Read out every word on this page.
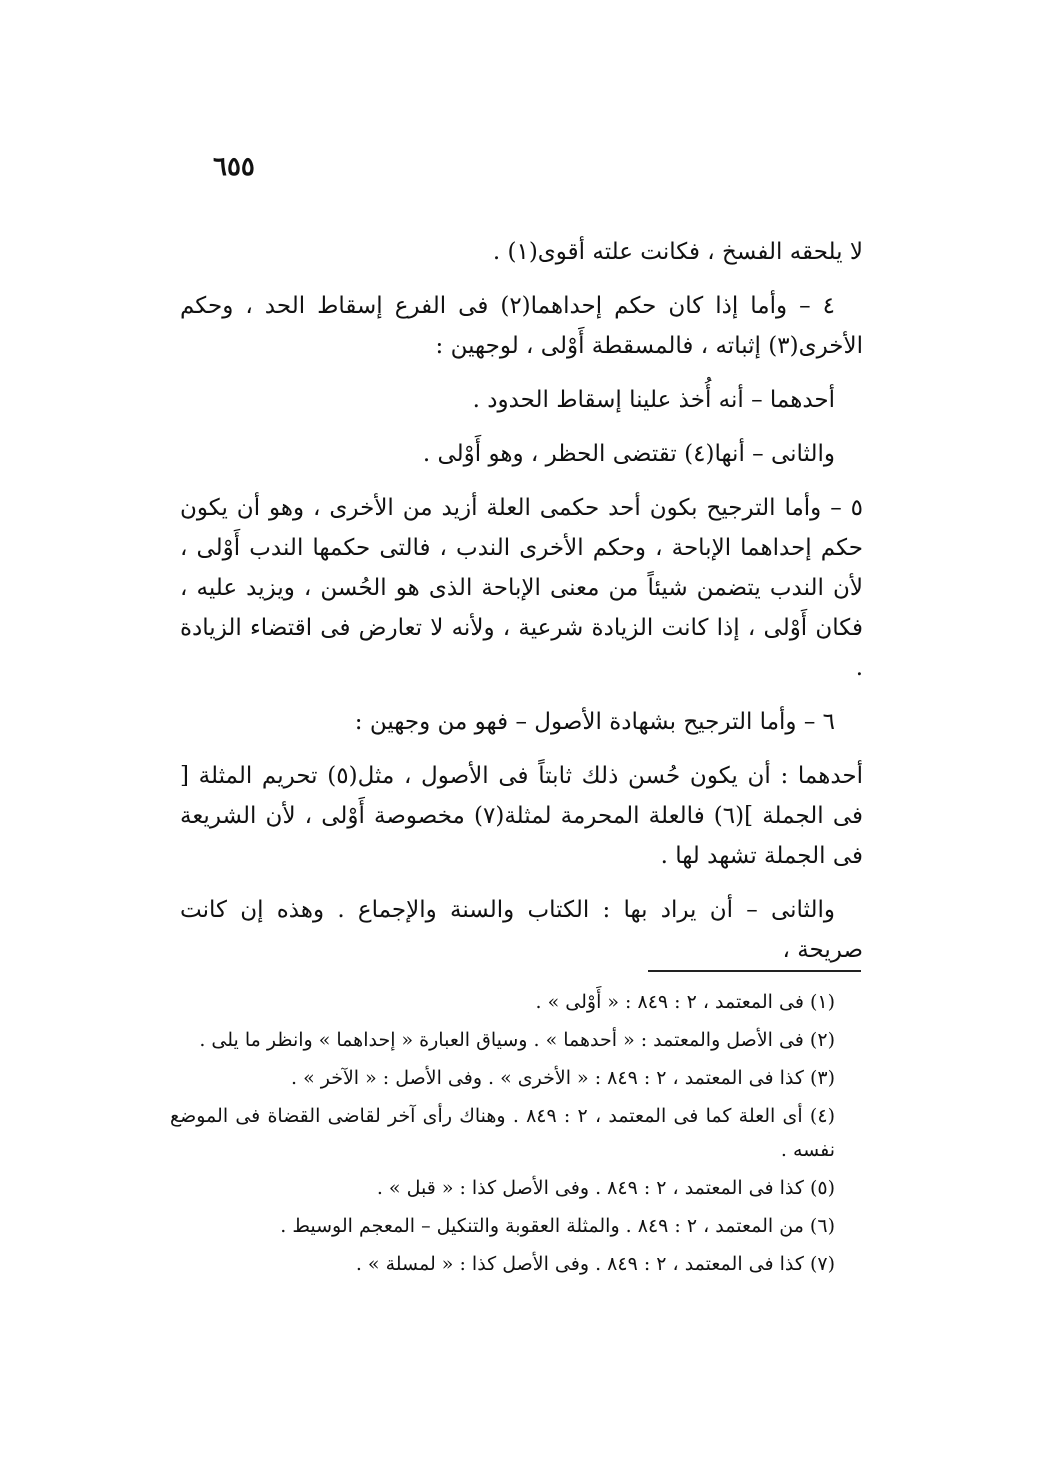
٦٥٥

لا يلحقه الفسخ ، فكانت علته أقوى(١) .

٤ – وأما إذا كان حكم إحداهما(٢) فى الفرع إسقاط الحد ، وحكم الأخرى(٣) إثباته ، فالمسقطة أَوْلى ، لوجهين :

أحدهما – أنه أُخذ علينا إسقاط الحدود .

والثانى – أنها(٤) تقتضى الحظر ، وهو أَوْلى .

٥ – وأما الترجيح بكون أحد حكمى العلة أزيد من الأخرى ، وهو أن يكون حكم إحداهما الإباحة ، وحكم الأخرى الندب ، فالتى حكمها الندب أَوْلى ، لأن الندب يتضمن شيئاً من معنى الإباحة الذى هو الحُسن ، ويزيد عليه ، فكان أَوْلى ، إذا كانت الزيادة شرعية ، ولأنه لا تعارض فى اقتضاء الزيادة .

٦ – وأما الترجيح بشهادة الأصول – فهو من وجهين :

أحدهما : أن يكون حُسن ذلك ثابتاً فى الأصول ، مثل(٥) تحريم المثلة [ فى الجملة ](٦) فالعلة المحرمة لمثلة(٧) مخصوصة أَوْلى ، لأن الشريعة فى الجملة تشهد لها .

والثانى – أن يراد بها : الكتاب والسنة والإجماع . وهذه إن كانت صريحة ،

(١) فى المعتمد ، ٢ : ٨٤٩ : « أَوْلى » .

(٢) فى الأصل والمعتمد : « أحدهما » . وسياق العبارة « إحداهما » وانظر ما يلى .

(٣) كذا فى المعتمد ، ٢ : ٨٤٩ : « الأخرى » . وفى الأصل : « الآخر » .

(٤) أى العلة كما فى المعتمد ، ٢ : ٨٤٩ . وهناك رأى آخر لقاضى القضاة فى الموضع نفسه .

(٥) كذا فى المعتمد ، ٢ : ٨٤٩ . وفى الأصل كذا : « قبل » .

(٦) من المعتمد ، ٢ : ٨٤٩ . والمثلة العقوبة والتنكيل – المعجم الوسيط .

(٧) كذا فى المعتمد ، ٢ : ٨٤٩ . وفى الأصل كذا : « لمسلة » .
